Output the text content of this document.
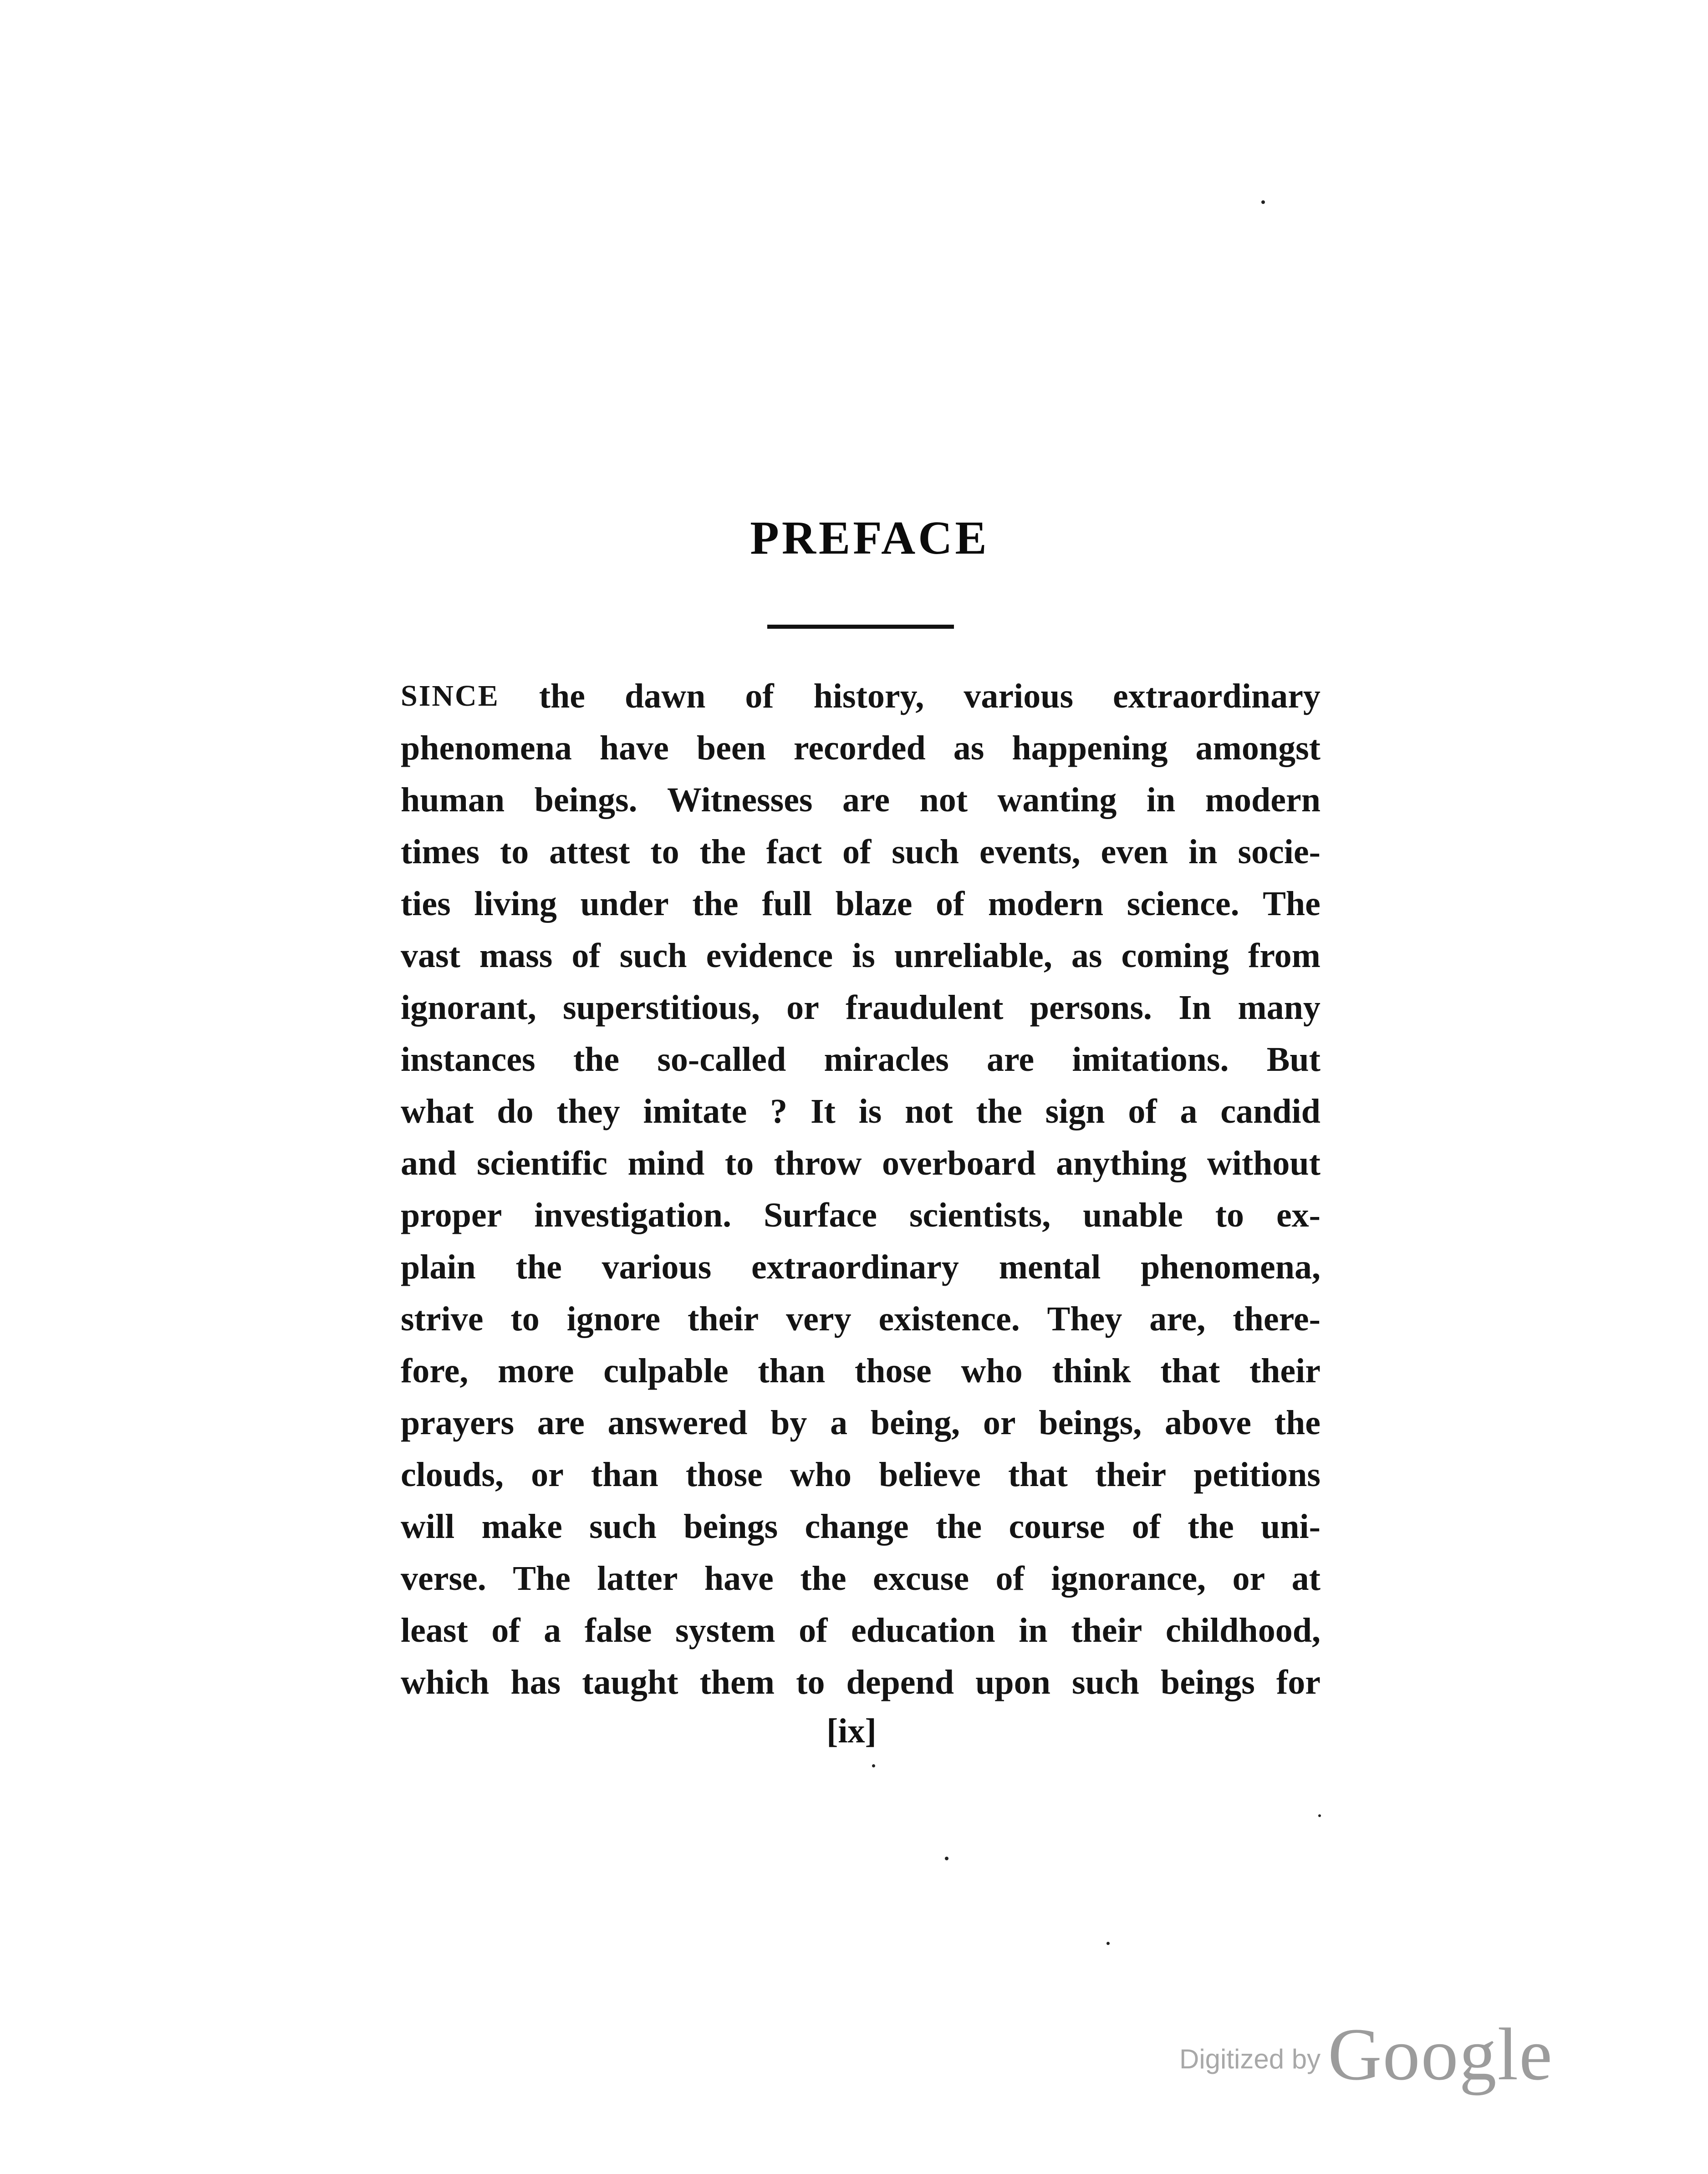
PREFACE
SINCE the dawn of history, various extraordinary
phenomena have been recorded as happening amongst
human beings. Witnesses are not wanting in modern
times to attest to the fact of such events, even in socie-
ties living under the full blaze of modern science. The
vast mass of such evidence is unreliable, as coming from
ignorant, superstitious, or fraudulent persons. In many
instances the so-called miracles are imitations. But
what do they imitate ? It is not the sign of a candid
and scientific mind to throw overboard anything without
proper investigation. Surface scientists, unable to ex-
plain the various extraordinary mental phenomena,
strive to ignore their very existence. They are, there-
fore, more culpable than those who think that their
prayers are answered by a being, or beings, above the
clouds, or than those who believe that their petitions
will make such beings change the course of the uni-
verse. The latter have the excuse of ignorance, or at
least of a false system of education in their childhood,
which has taught them to depend upon such beings for
[ix]
Digitized by Google
